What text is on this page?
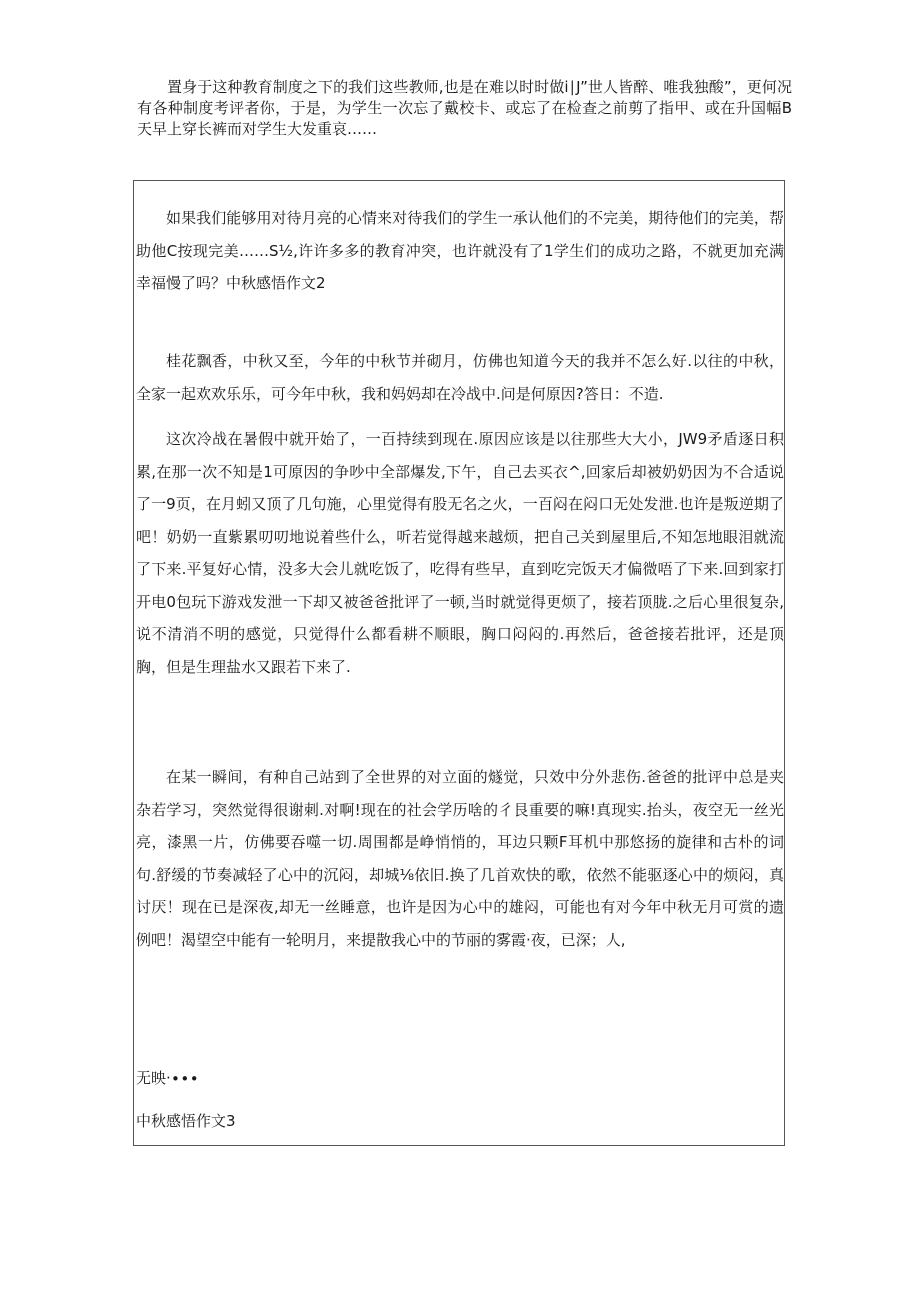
置身于这种教育制度之下的我们这些教师,也是在难以时时做i∣J”世人皆醉、唯我独酸”，更何况有各种制度考评者你，于是，为学生一次忘了戴校卡、或忘了在检查之前剪了指甲、或在升国幅B天早上穿长裤而对学生大发重哀……

如果我们能够用对待月亮的心情来对待我们的学生一承认他们的不完美，期待他们的完美，帮助他C按现完美……S½,许许多多的教育冲突，也许就没有了1学生们的成功之路，不就更加充满幸福慢了吗？中秋感悟作文2

桂花飘香，中秋又至，今年的中秋节并砌月，仿佛也知道今天的我并不怎么好.以往的中秋，全家一起欢欢乐乐，可今年中秋，我和妈妈却在冷战中.问是何原因?答日：不造.

这次冷战在暑假中就开始了，一百持续到现在.原因应该是以往那些大大小，JW9矛盾逐日积累,在那一次不知是1可原因的争吵中全部爆发,下午，自己去买衣^,回家后却被奶奶因为不合适说了一9页，在月蚓又顶了几句施，心里觉得有股无名之火，一百闷在闷口无处发泄.也许是叛逆期了吧！奶奶一直紫累叨叨地说着些什么，听若觉得越来越烦，把自己关到屋里后,不知怎地眼泪就流了下来.平复好心情，没多大会儿就吃饭了，吃得有些早，直到吃完饭天才偏微唔了下来.回到家打开电0包玩下游戏发泄一下却又被爸爸批评了一顿,当时就觉得更烦了，接若顶胧.之后心里很复杂,说不清消不明的感觉，只觉得什么都看耕不顺眼，胸口闷闷的.再然后，爸爸接若批评，还是顶胸，但是生理盐水又跟若下来了.

在某一瞬间，有种自己站到了全世界的对立面的燧觉，只效中分外悲伤.爸爸的批评中总是夹杂若学习，突然觉得很谢刺.对啊!现在的社会学历啥的彳艮重要的嘛!真现实.抬头，夜空无一丝光亮，漆黑一片，仿佛要吞噬一切.周围都是峥悄悄的，耳边只颗F耳机中那悠扬的旋律和古朴的词句.舒缓的节奏减轻了心中的沉闷，却城⅛依旧.换了几首欢快的歌，依然不能驱逐心中的烦闷，真讨厌！现在已是深夜,却无一丝睡意，也许是因为心中的雄闷，可能也有对今年中秋无月可赏的遗例吧！渴望空中能有一轮明月，来提散我心中的节丽的雾霞·夜，已深；人,

无映·∙∙∙

中秋感悟作文3
